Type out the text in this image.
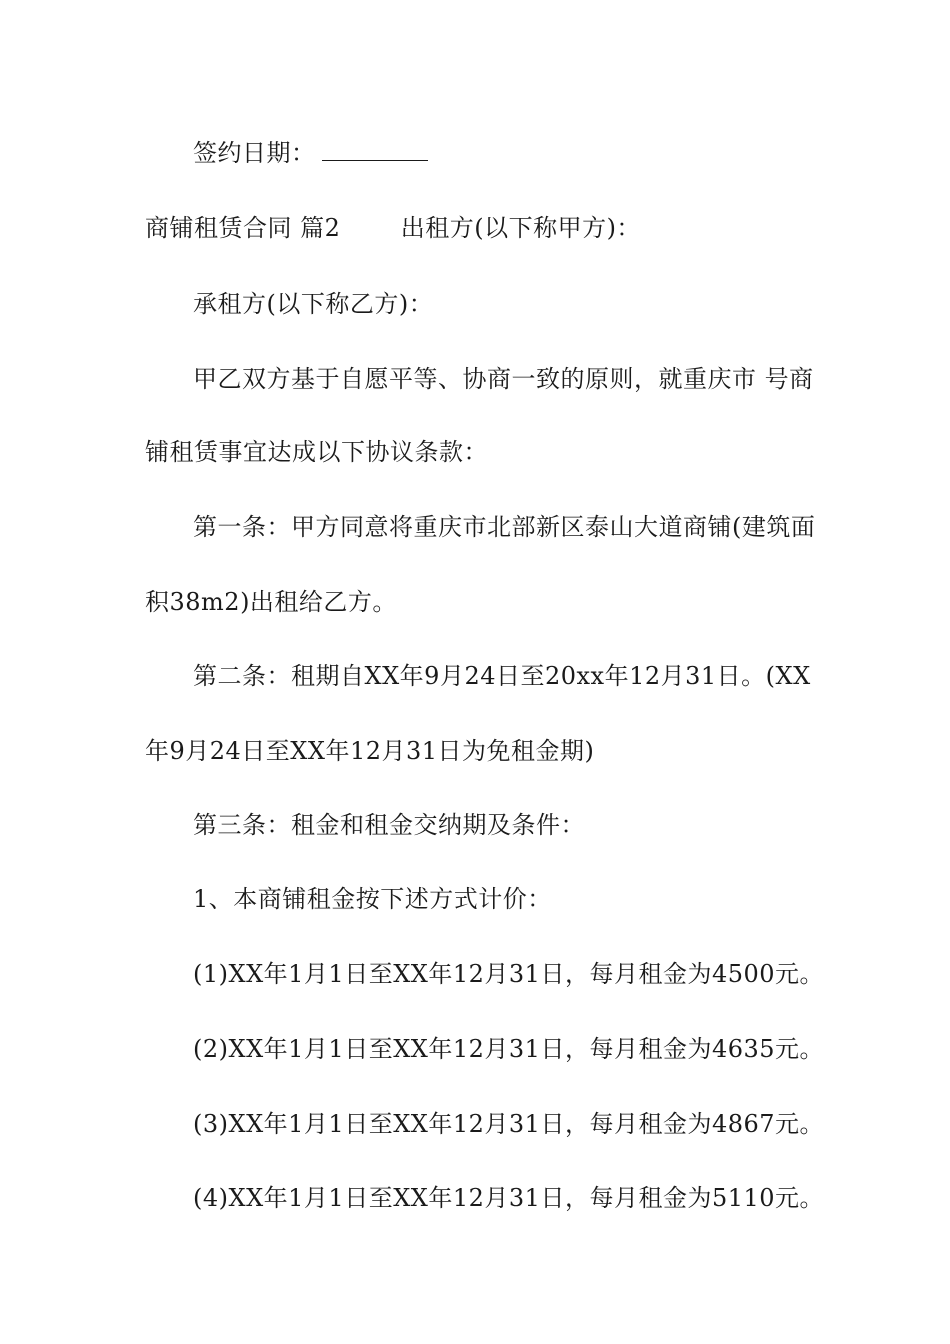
签约日期：
商铺租赁合同 篇2	出租方(以下称甲方)：
承租方(以下称乙方)：
甲乙双方基于自愿平等、协商一致的原则，就重庆市 号商
铺租赁事宜达成以下协议条款：
第一条：甲方同意将重庆市北部新区泰山大道商铺(建筑面
积38m2)出租给乙方。
第二条：租期自XX年9月24日至20xx年12月31日。(XX
年9月24日至XX年12月31日为免租金期)
第三条：租金和租金交纳期及条件：
1、本商铺租金按下述方式计价：
(1)XX年1月1日至XX年12月31日，每月租金为4500元。
(2)XX年1月1日至XX年12月31日，每月租金为4635元。
(3)XX年1月1日至XX年12月31日，每月租金为4867元。
(4)XX年1月1日至XX年12月31日，每月租金为5110元。
